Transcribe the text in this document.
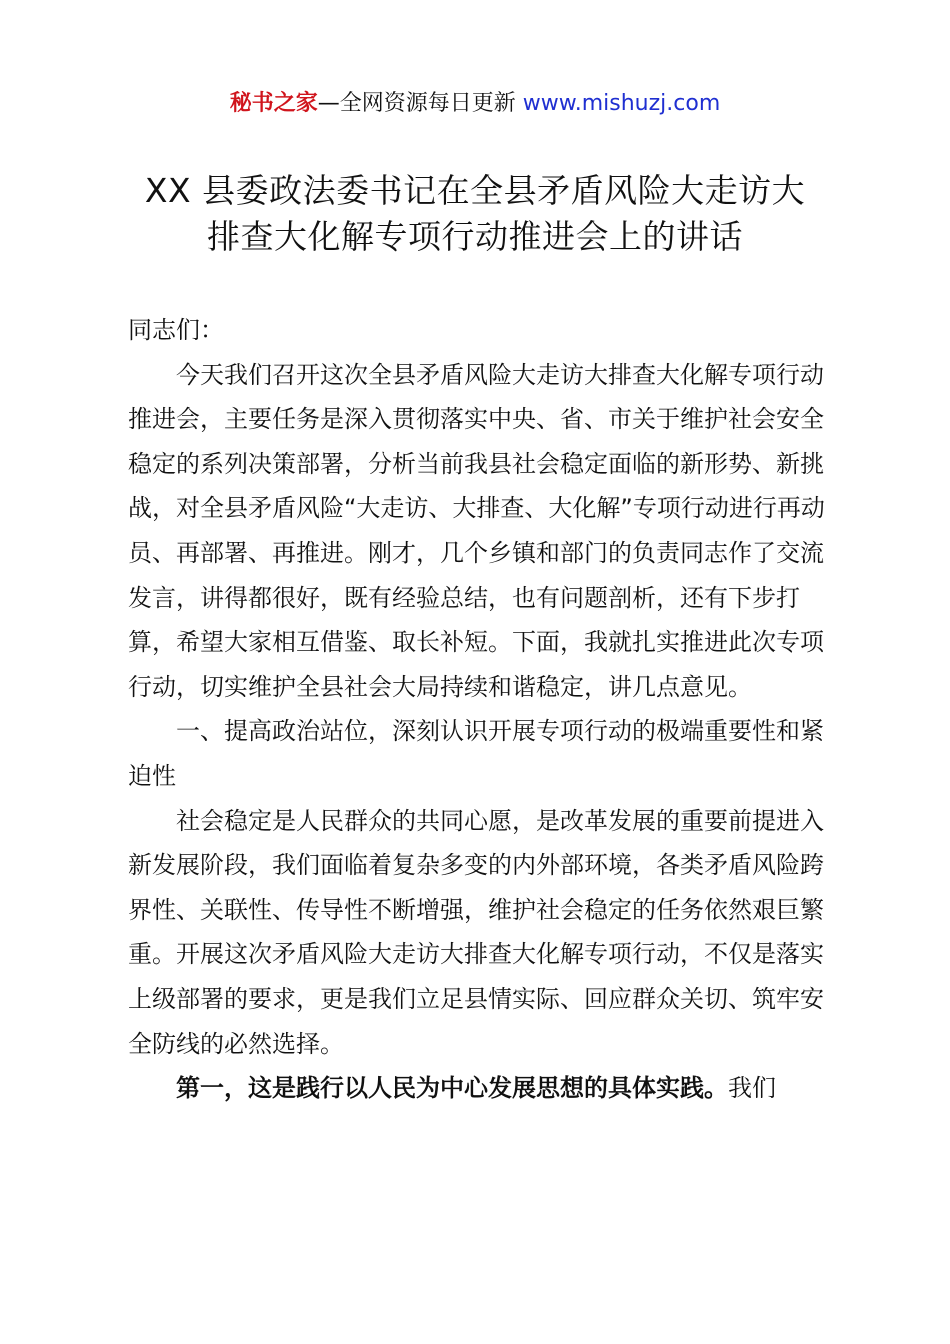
秘书之家—全网资源每日更新 www.mishuzj.com
XX 县委政法委书记在全县矛盾风险大走访大
排查大化解专项行动推进会上的讲话

同志们：

今天我们召开这次全县矛盾风险大走访大排查大化解专项行动推进会，主要任务是深入贯彻落实中央、省、市关于维护社会安全稳定的系列决策部署，分析当前我县社会稳定面临的新形势、新挑战，对全县矛盾风险“大走访、大排查、大化解”专项行动进行再动员、再部署、再推进。刚才，几个乡镇和部门的负责同志作了交流发言，讲得都很好，既有经验总结，也有问题剖析，还有下步打算，希望大家相互借鉴、取长补短。下面，我就扎实推进此次专项行动，切实维护全县社会大局持续和谐稳定，讲几点意见。

一、提高政治站位，深刻认识开展专项行动的极端重要性和紧迫性

社会稳定是人民群众的共同心愿，是改革发展的重要前提进入新发展阶段，我们面临着复杂多变的内外部环境，各类矛盾风险跨界性、关联性、传导性不断增强，维护社会稳定的任务依然艰巨繁重。开展这次矛盾风险大走访大排查大化解专项行动，不仅是落实上级部署的要求，更是我们立足县情实际、回应群众关切、筑牢安全防线的必然选择。

第一，这是践行以人民为中心发展思想的具体实践。我们
